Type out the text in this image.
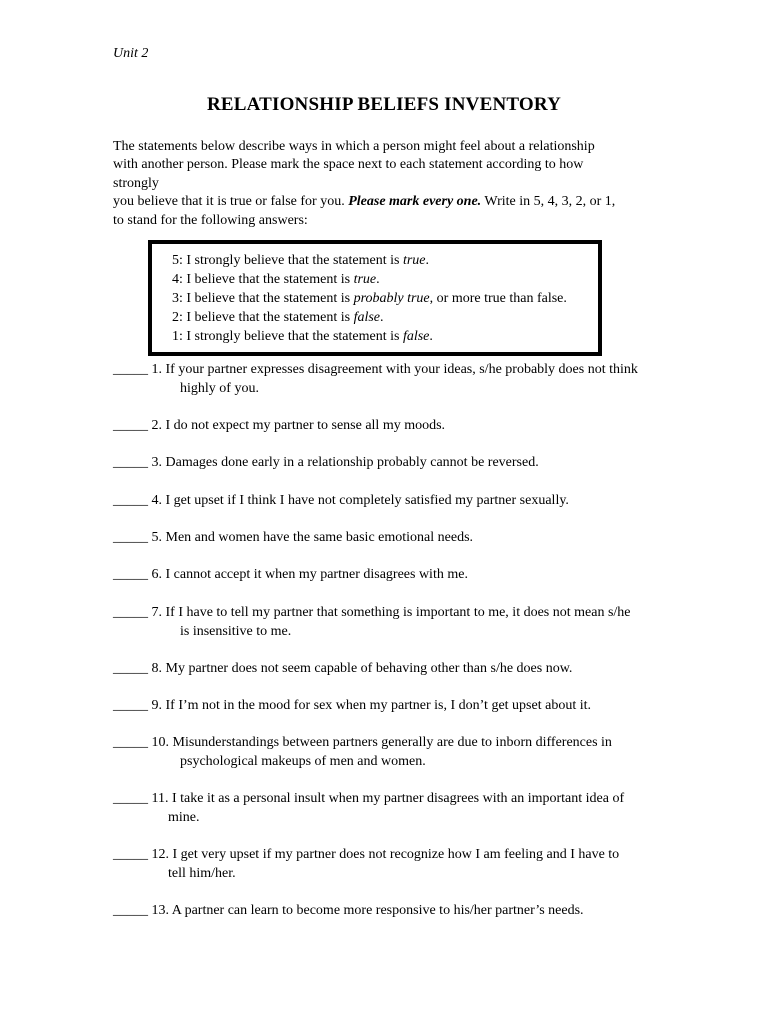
Unit 2
RELATIONSHIP BELIEFS INVENTORY
The statements below describe ways in which a person might feel about a relationship
with another person. Please mark the space next to each statement according to how
strongly
you believe that it is true or false for you. Please mark every one. Write in 5, 4, 3, 2, or 1,
to stand for the following answers:
5: I strongly believe that the statement is true.
4: I believe that the statement is true.
3: I believe that the statement is probably true, or more true than false.
2: I believe that the statement is false.
1: I strongly believe that the statement is false.
_____ 1. If your partner expresses disagreement with your ideas, s/he probably does not think
highly of you.
_____ 2. I do not expect my partner to sense all my moods.
_____ 3. Damages done early in a relationship probably cannot be reversed.
_____ 4. I get upset if I think I have not completely satisfied my partner sexually.
_____ 5. Men and women have the same basic emotional needs.
_____ 6. I cannot accept it when my partner disagrees with me.
_____ 7. If I have to tell my partner that something is important to me, it does not mean s/he
is insensitive to me.
_____ 8. My partner does not seem capable of behaving other than s/he does now.
_____ 9. If I’m not in the mood for sex when my partner is, I don’t get upset about it.
_____ 10. Misunderstandings between partners generally are due to inborn differences in
psychological makeups of men and women.
_____ 11. I take it as a personal insult when my partner disagrees with an important idea of
mine.
_____ 12. I get very upset if my partner does not recognize how I am feeling and I have to
tell him/her.
_____ 13. A partner can learn to become more responsive to his/her partner’s needs.
